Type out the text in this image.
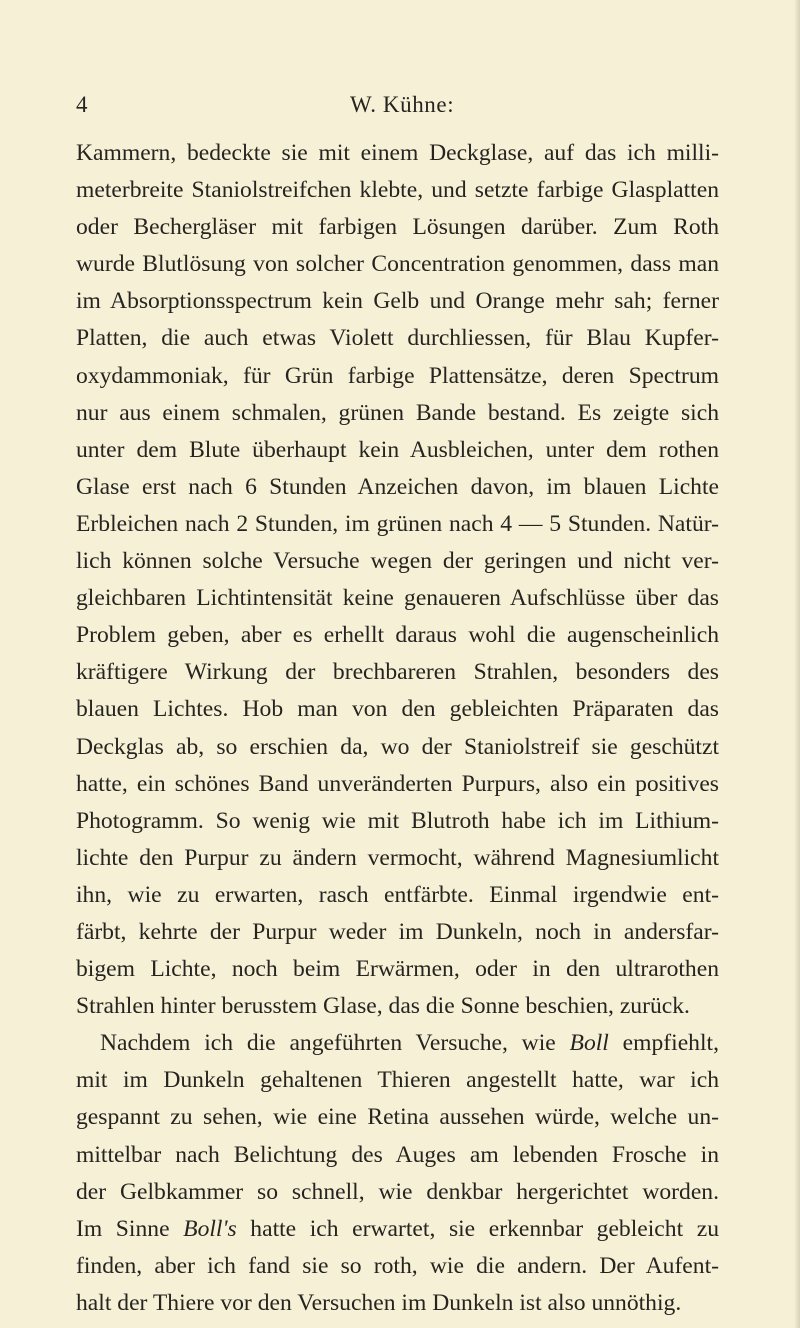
4	W. Kühne:
Kammern, bedeckte sie mit einem Deckglase, auf das ich milli-
meterbreite Staniolstreifchen klebte, und setzte farbige Glasplatten
oder Bechergläser mit farbigen Lösungen darüber. Zum Roth
wurde Blutlösung von solcher Concentration genommen, dass man
im Absorptionsspectrum kein Gelb und Orange mehr sah; ferner
Platten, die auch etwas Violett durchliessen, für Blau Kupfer-
oxydammoniak, für Grün farbige Plattensätze, deren Spectrum
nur aus einem schmalen, grünen Bande bestand. Es zeigte sich
unter dem Blute überhaupt kein Ausbleichen, unter dem rothen
Glase erst nach 6 Stunden Anzeichen davon, im blauen Lichte
Erbleichen nach 2 Stunden, im grünen nach 4 — 5 Stunden. Natür-
lich können solche Versuche wegen der geringen und nicht ver-
gleichbaren Lichtintensität keine genaueren Aufschlüsse über das
Problem geben, aber es erhellt daraus wohl die augenscheinlich
kräftigere Wirkung der brechbareren Strahlen, besonders des
blauen Lichtes. Hob man von den gebleichten Präparaten das
Deckglas ab, so erschien da, wo der Staniolstreif sie geschützt
hatte, ein schönes Band unveränderten Purpurs, also ein positives
Photogramm. So wenig wie mit Blutroth habe ich im Lithium-
lichte den Purpur zu ändern vermocht, während Magnesiumlicht
ihn, wie zu erwarten, rasch entfärbte. Einmal irgendwie ent-
färbt, kehrte der Purpur weder im Dunkeln, noch in andersfar-
bigem Lichte, noch beim Erwärmen, oder in den ultrarothen
Strahlen hinter berusstem Glase, das die Sonne beschien, zurück.
Nachdem ich die angeführten Versuche, wie Boll empfiehlt,
mit im Dunkeln gehaltenen Thieren angestellt hatte, war ich
gespannt zu sehen, wie eine Retina aussehen würde, welche un-
mittelbar nach Belichtung des Auges am lebenden Frosche in
der Gelbkammer so schnell, wie denkbar hergerichtet worden.
Im Sinne Boll's hatte ich erwartet, sie erkennbar gebleicht zu
finden, aber ich fand sie so roth, wie die andern. Der Aufent-
halt der Thiere vor den Versuchen im Dunkeln ist also unnöthig.
